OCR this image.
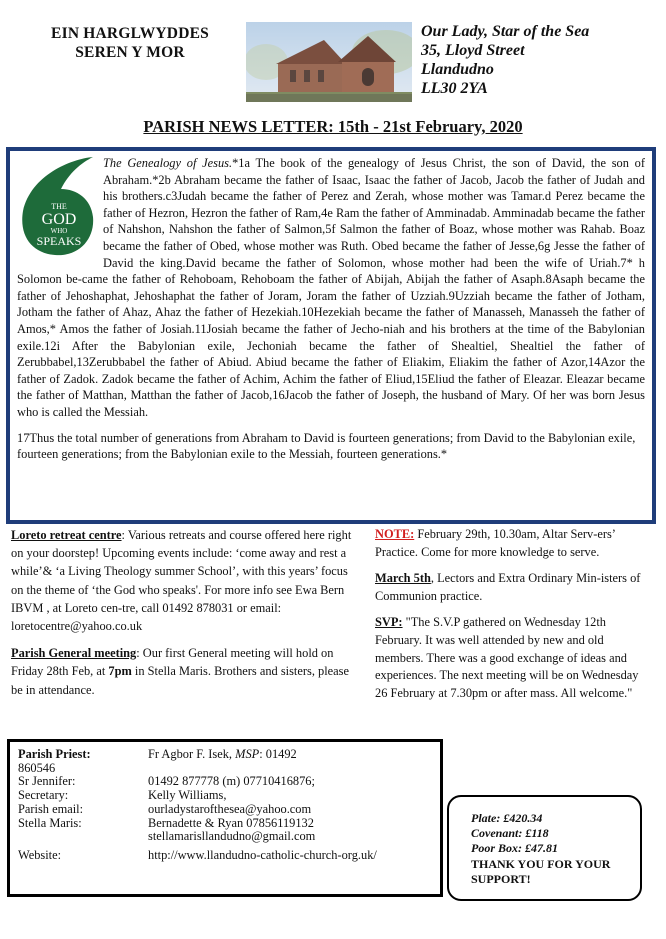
EIN HARGLWYDDES
SEREN Y MOR
Our Lady, Star of the Sea
35, Lloyd Street
Llandudno
LL30 2YA
PARISH NEWS LETTER: 15th - 21st February, 2020
THE
GOD
WHO
SPEAKS

The Genealogy of Jesus.*1a The book of the genealogy of Jesus Christ, the son of David, the son of Abraham.*2b Abraham became the father of Isaac, Isaac the father of Jacob, Jacob the father of Judah and his brothers.c3Judah became the father of Perez and Zerah, whose mother was Tamar.d Perez became the father of Hezron, Hezron the father of Ram,4e Ram the father of Amminadab. Amminadab became the father of Nahshon, Nahshon the father of Salmon,5f Salmon the father of Boaz, whose mother was Rahab. Boaz became the father of Obed, whose mother was Ruth. Obed became the father of Jesse,6g Jesse the father of David the king.David became the father of Solomon, whose mother had been the wife of Uriah.7* h Solomon be-came the father of Rehoboam, Rehoboam the father of Abijah, Abijah the father of Asaph.8Asaph became the father of Jehoshaphat, Jehoshaphat the father of Joram, Joram the father of Uzziah.9Uzziah became the father of Jotham, Jotham the father of Ahaz, Ahaz the father of Hezekiah.10Hezekiah became the father of Manasseh, Manasseh the father of Amos,* Amos the father of Josiah.11Josiah became the father of Jecho-niah and his brothers at the time of the Babylonian exile.12i After the Babylonian exile, Jechoniah became the father of Shealtiel, Shealtiel the father of Zerubbabel,13Zerubbabel the father of Abiud. Abiud became the father of Eliakim, Eliakim the father of Azor,14Azor the father of Zadok. Zadok became the father of Achim, Achim the father of Eliud,15Eliud the father of Eleazar. Eleazar became the father of Matthan, Matthan the father of Jacob,16Jacob the father of Joseph, the husband of Mary. Of her was born Jesus who is called the Messiah.

17Thus the total number of generations from Abraham to David is fourteen generations; from David to the Babylonian exile, fourteen generations; from the Babylonian exile to the Messiah, fourteen generations.*

Loreto retreat centre: Various retreats and course offered here right on your doorstep! Upcoming events include: ‘come away and rest a while’& ‘a Living Theology summer School’, with this years’ focus on the theme of ‘the God who speaks'. For more info see Ewa Bern IBVM , at Loreto cen-tre, call 01492 878031 or email: loretocentre@yahoo.co.uk

Parish General meeting: Our first General meeting will hold on Friday 28th Feb, at 7pm in Stella Maris. Brothers and sisters, please be in attendance.

NOTE: February 29th, 10.30am, Altar Serv-ers’ Practice. Come for more knowledge to serve.

March 5th, Lectors and Extra Ordinary Min-isters of Communion practice.

SVP: "The S.V.P gathered on Wednesday 12th February. It was well attended by new and old members. There was a good exchange of ideas and experiences. The next meeting will be on Wednesday 26 February at 7.30pm or after mass. All welcome."

Parish Priest:	Fr Agbor F. Isek, MSP: 01492
860546
Sr Jennifer:	01492 877778 (m) 07710416876;
Secretary:	Kelly Williams,
Parish email:	ourladystarofthesea@yahoo.com
Stella Maris:	Bernadette & Ryan 07856119132
stellamarisllandudno@gmail.com
Website:	http://www.llandudno-catholic-church-org.uk/
Plate: £420.34
Covenant: £118
Poor Box: £47.81
THANK YOU FOR YOUR SUPPORT!
